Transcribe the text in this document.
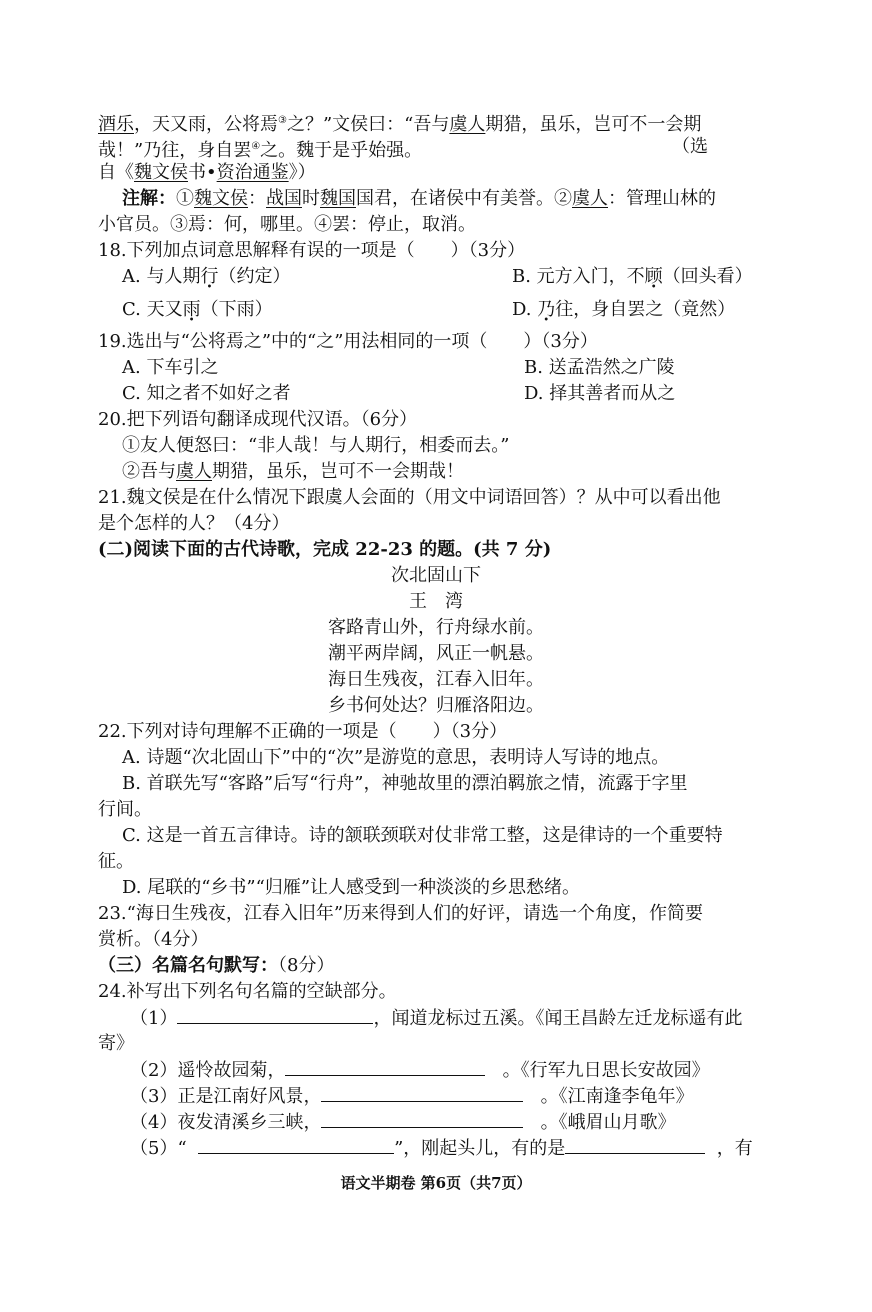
酒乐，天又雨，公将焉③之？”文侯曰：“吾与虞人期猎，虽乐，岂可不一会期
哉！”乃往，身自罢④之。魏于是乎始强。	（选
自《魏文侯书•资治通鉴》）
注解：①魏文侯：战国时魏国国君，在诸侯中有美誉。②虞人：管理山林的
小官员。③焉：何，哪里。④罢：停止，取消。
18.下列加点词意思解释有误的一项是（　　）（3分）
A. 与人期行（约定）	B. 元方入门，不顾（回头看）
C. 天又雨（下雨）	D. 乃往，身自罢之（竟然）
19.选出与“公将焉之”中的“之”用法相同的一项（　　）（3分）
A. 下车引之	B. 送孟浩然之广陵
C. 知之者不如好之者	D. 择其善者而从之
20.把下列语句翻译成现代汉语。（6分）
①友人便怒曰：“非人哉！与人期行，相委而去。”
②吾与虞人期猎，虽乐，岂可不一会期哉！
21.魏文侯是在什么情况下跟虞人会面的（用文中词语回答）？从中可以看出他
是个怎样的人？（4分）
(二)阅读下面的古代诗歌，完成 22-23 的题。(共 7 分)
次北固山下
王　湾
客路青山外，行舟绿水前。
潮平两岸阔，风正一帆悬。
海日生残夜，江春入旧年。
乡书何处达？归雁洛阳边。
22.下列对诗句理解不正确的一项是（　　）（3分）
A. 诗题“次北固山下”中的“次”是游览的意思，表明诗人写诗的地点。
B. 首联先写“客路”后写“行舟”，神驰故里的漂泊羁旅之情，流露于字里
行间。
C. 这是一首五言律诗。诗的颔联颈联对仗非常工整，这是律诗的一个重要特
征。
D. 尾联的“乡书”“归雁”让人感受到一种淡淡的乡思愁绪。
23.“海日生残夜，江春入旧年”历来得到人们的好评，请选一个角度，作简要
赏析。（4分）
（三）名篇名句默写：（8分）
24.补写出下列名句名篇的空缺部分。
（1）	，闻道龙标过五溪。《闻王昌龄左迁龙标遥有此
寄》
（2）遥怜故园菊，	。《行军九日思长安故园》
（3）正是江南好风景，	。《江南逢李龟年》
（4）夜发清溪乡三峡，	。《峨眉山月歌》
（5）“	”，刚起头儿，有的是	，有
语文半期卷 第6页（共7页）
